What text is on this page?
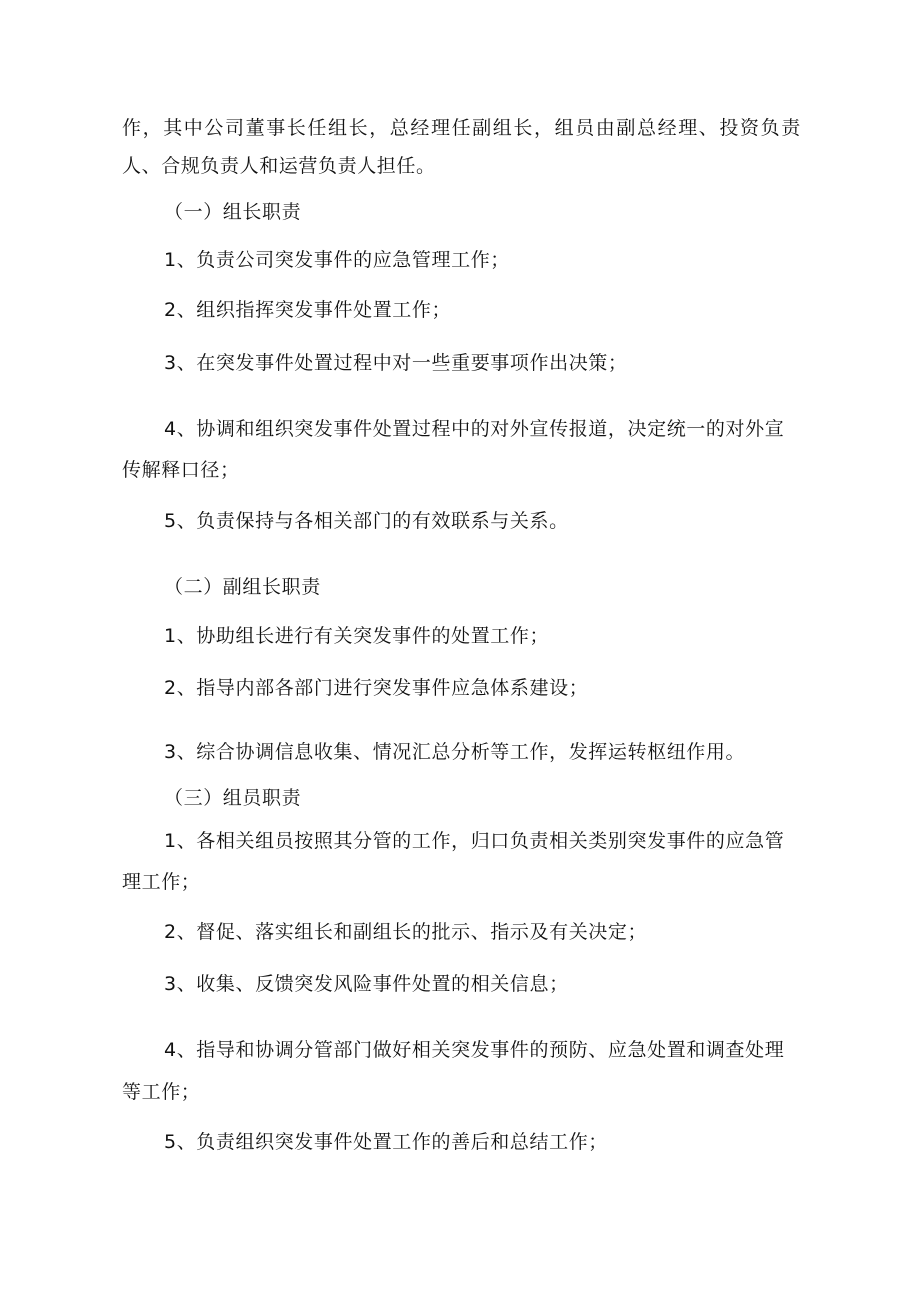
作，其中公司董事长任组长，总经理任副组长，组员由副总经理、投资负责
人、合规负责人和运营负责人担任。
（一）组长职责
1、负责公司突发事件的应急管理工作；
2、组织指挥突发事件处置工作；
3、在突发事件处置过程中对一些重要事项作出决策；
4、协调和组织突发事件处置过程中的对外宣传报道，决定统一的对外宣
传解释口径；
5、负责保持与各相关部门的有效联系与关系。
（二）副组长职责
1、协助组长进行有关突发事件的处置工作；
2、指导内部各部门进行突发事件应急体系建设；
3、综合协调信息收集、情况汇总分析等工作，发挥运转枢纽作用。
（三）组员职责
1、各相关组员按照其分管的工作，归口负责相关类别突发事件的应急管
理工作；
2、督促、落实组长和副组长的批示、指示及有关决定；
3、收集、反馈突发风险事件处置的相关信息；
4、指导和协调分管部门做好相关突发事件的预防、应急处置和调查处理
等工作；
5、负责组织突发事件处置工作的善后和总结工作；
